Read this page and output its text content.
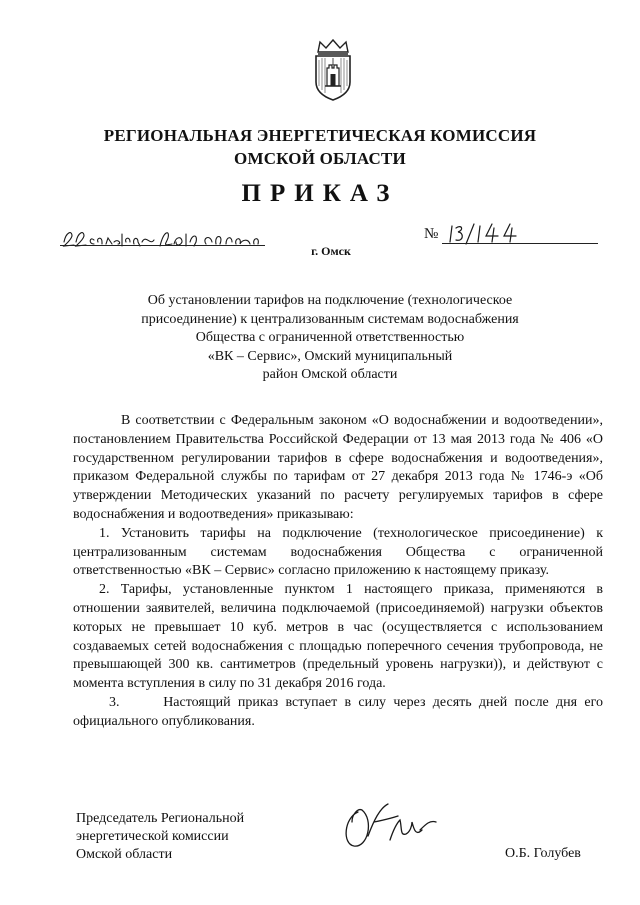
РЕГИОНАЛЬНАЯ ЭНЕРГЕТИЧЕСКАЯ КОМИССИЯ
ОМСКОЙ ОБЛАСТИ
ПРИКАЗ
г. Омск
№
Об установлении тарифов на подключение (технологическое
присоединение) к централизованным системам водоснабжения
Общества с ограниченной ответственностью
«ВК – Сервис», Омский муниципальный
район Омской области

В соответствии с Федеральным законом «О водоснабжении и водоотведении», постановлением Правительства Российской Федерации от 13 мая 2013 года № 406 «О государственном регулировании тарифов в сфере водоснабжения и водоотведения», приказом Федеральной службы по тарифам от 27 декабря 2013 года № 1746-э «Об утверждении Методических указаний по расчету регулируемых тарифов в сфере водоснабжения и водоотведения» приказываю:

1. Установить тарифы на подключение (технологическое присоединение) к централизованным системам водоснабжения Общества с ограниченной ответственностью «ВК – Сервис» согласно приложению к настоящему приказу.

2. Тарифы, установленные пунктом 1 настоящего приказа, применяются в отношении заявителей, величина подключаемой (присоединяемой) нагрузки объектов которых не превышает 10 куб. метров в час (осуществляется с использованием создаваемых сетей водоснабжения с площадью поперечного сечения трубопровода, не превышающей 300 кв. сантиметров (предельный уровень нагрузки)), и действуют с момента вступления в силу по 31 декабря 2016 года.

3.      Настоящий приказ вступает в силу через десять дней после дня его официального опубликования.

Председатель Региональной
энергетической комиссии
Омской области	О.Б. Голубев
